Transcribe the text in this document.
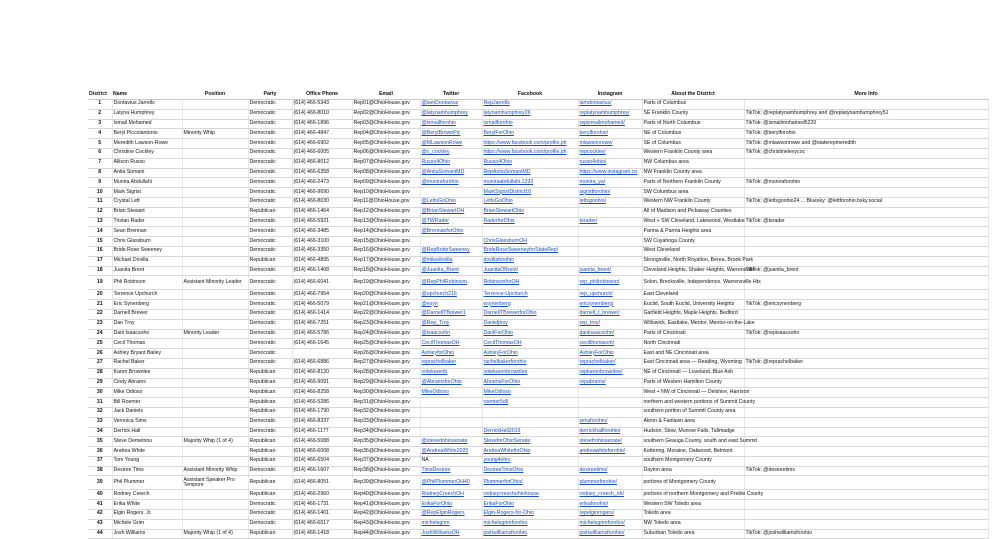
District	Name	Position	Party	Office Phone	Email	Twitter	Facebook	Instagram	About the District	More Info
1	Dontavius Jarrells		Democratic	(614) 466-5343	Rep01@OhioHouse.gov	@iamDontavius	RepJarrells	iamdontavius/	Parts of Columbus	
2	Latyna Humphrey		Democratic	(614) 466-8010	Rep02@OhioHouse.gov	@latynamhumphrey	latynamhumphrey26	replatynamhumphrey/	SE Franklin County	TikTok: @replatynamhumphrey and @replatynamhumphrey51
3	Ismail Mohamed		Democratic	(614) 466-1896	Rep03@OhioHouse.gov	@ismailforohio	ismailforohio	repismailmohamed/	Parts of North Columbus	TikTok: @ismailmohamed5220
4	Beryl Piccolantonio	Minority Whip	Democratic	(614) 466-4847	Rep04@OhioHouse.gov	@BerylBrownPic	BerylForOhio	berylforohio/	NE of Columbus	TikTok: @berylforohio
5	Meredith Lawson-Rowe		Democratic	(614) 466-6902	Rep05@OhioHouse.gov	@MLawsonRowe	https://www.facebook.com/profile.ph	mlawsonrowe/	SE of Columbus	TikTok: @mlawsonrowe and @staterepmeredith
6	Christine Cockley		Democratic	(614) 466-6005	Rep06@OhioHouse.gov	@c_cockley	https://www.facebook.com/profile.ph	repcockley/	Western Franklin County area	TikTok: @christinelevycoc
7	Allison Russo		Democratic	(614) 466-8012	Rep07@OhioHouse.gov	Russo4Ohio	Russo4Ohio	russo4ohio/	NW Columbus area	
8	Anita Somani		Democratic	(614) 466-6358	Rep08@OhioHouse.gov	@AnitaSomaniMD	RepAnitaSomaniMD	https://www.instagram.co	NW Franklin County area	
9	Munira Abdullahi		Democratic	(614) 466-2473	Rep09@OhioHouse.gov	@muniraforohio	muniraabdullahi.1293	munira_ya/	Parts of Northern Franklin County	TikTok: @muniraforohio
10	Mark Sigrist		Democratic	(614) 466-9690	Rep10@OhioHouse.gov		MarkSigristDistrict10	sigristforohio/	SW Columbus area	
11	Crystal Lett		Democratic	(614) 466-8030	Rep11@OhioHouse.gov	@LettsGoOhio	LettsGoOhio	lettsgoohio/	Western NW Franklin County	TikTok: @lettsgoohio24 ... Bluesky: @lettforohio.bsky.social
12	Brian Stewart		Republican	(614) 466-1464	Rep12@OhioHouse.gov	@BrianStewartOH	BrianStewartOhio		All of Madison and Pickaway Counties	
13	Tristan Rader		Democratic	(614) 466-5921	Rep13@OhioHouse.gov	@TWRader	RaderforOhio	terader/	West + SW Cleveland, Lakewood, Westlake	TikTok: @terader
14	Sean Brennan		Democratic	(614) 466-3485	Rep14@OhioHouse.gov	@BrennanforOhio			Parma & Parma Heights area	
15	Chris Glassburn		Democratic	(614) 466-3100	Rep15@OhioHouse.gov		ChrisGlassburnOH		SW Cuyahoga County	
16	Bride Rose Sweeney		Democratic	(614) 466-3350	Rep16@OhioHouse.gov	@RepBrideSweeney	BrideRoseSweeneyforStateRep/		West Cleveland	
17	Michael Dovilla		Republican	(614) 466-4895	Rep17@OhioHouse.gov	@mikedovilla	dovillaforohio		Strongsville, North Royalton, Berea, Brook Park	
18	Juanita Brent		Democratic	(614) 466-1408	Rep18@OhioHouse.gov	@Juanita_Brent	JuanitaOBrent/	juanita_brent/	Cleveland Heights, Shaker Heights, Warrensville	TikTok: @juanita_brent
19	Phil Robinson	Assistant Minority Leader	Democratic	(614) 466-6041	Rep19@OhioHouse.gov	@RepPhilRobinson	RobinsonforOH	rep_philrobinson/	Solon, Brecksville, Independence, Warrensville Hts	
20	Terrence Upchurch		Democratic	(614) 466-7954	Rep20@OhioHouse.gov	@upchurch216	Terrence-Upchurch	rep_upchurch/	East Cleveland	
21	Eric Synenberg		Democratic	(614) 466-5079	Rep21@OhioHouse.gov	@esyn	esynenberg	ericsynenberg/	Euclid, South Euclid, University Heights	TikTok: @ericsynenberg
22	Darnell Brewer		Democratic	(614) 466-1414	Rep22@OhioHouse.gov	@DarnellTBrewer1	DarnellTBrewerforOhio	darnell_t_brewer/	Garfield Heights, Maple Heights, Bedford	
23	Dan Troy		Democratic	(614) 466-7251	Rep23@OhioHouse.gov	@Rep_Troy	Danieljtroy	rep_troy/	Willowick, Eastlake, Mentor, Mentor-on-the-Lake	
24	Dani Isaacsohn	Minority Leader	Democratic	(614) 466-5786	Rep24@OhioHouse.gov	@isaacsohn	DaniForOhio	daniisaacsohn/	Parts of Cincinnati	TikTok: @repisaacsohn
25	Cecil Thomas		Democratic	(614) 466-1645	Rep25@OhioHouse.gov	CecilThomasOH	CecilThomasOH	cecilthomasoh/	North Cincinnati	
26	Ashley Bryant Bailey		Democratic		Rep26@OhioHouse.gov	AshleyforOhio	AshleyForOhio	AshleyForOhio	East and NE Cincinnati area	
27	Rachel Baker		Democratic	(614) 466-6886	Rep27@OhioHouse.gov	reprachelbaker	rachelbakerforohio	reprachelbaker/	East Cincinnati area — Reading, Wyoming	TikTok: @reprachelbaker
28	Karen Brownlee		Republican	(614) 466-8120	Rep28@OhioHouse.gov	votekarenb	votekarenbrownlee	repkarenbrownlee/	NE of Cincinnati — Loveland, Blue Ash	
29	Cindy Abrams		Republican	(614) 466-9091	Rep29@OhioHouse.gov	@AbramsforOhio	AbramsForOhio	repabrams/	Parts of Western Hamilton County	
30	Mike Odioso		Republican	(614) 466-8258	Rep30@OhioHouse.gov	MikeOdioso	MikeOdioso		West + NW of Cincinnati — Delshire, Harrison	
31	Bill Roemer		Republican	(614) 466-5286	Rep31@OhioHouse.gov		roemer5dl/		northern and western portions of Summit County	
32	Jack Daniels		Republican	(614) 466-1790	Rep32@OhioHouse.gov				southern portion of Summit County area	
33	Veronica Sims		Democratic	(614) 466-8337	Rep33@OhioHouse.gov			simsforohio/	Akron & Fairlawn area	
34	Derrick Hall		Democratic	(614) 466-1177	Rep34@OhioHouse.gov		DerrickHall2019	derrickhallforohio/	Hudson, Stow, Munroe Falls, Tallmadge	
35	Steve Demetriou	Majority Whip (1 of 4)	Republican	(614) 466-5088	Rep35@OhioHouse.gov	@stevedohiosenate	SteveforOhioSenate	stevefrohiosenate/	southern Geauga County, south and east Summit	
36	Andrea White		Republican	(614) 466-6008	Rep36@OhioHouse.gov	@AndreaWhite2020	AndreaWhiteforOhio	andreawhiteforohio/	Kettering, Moraine, Oakwood, Belmont	
37	Tom Young		Republican	(614) 466-6504	Rep37@OhioHouse.gov	NA	young4ohio		southern Montgomery County	
38	Desiree Tims	Assistant Minority Whip	Democratic	(614) 466-1607	Rep38@OhioHouse.gov	TimsDesiree	DesireeTimsOhio	desireetims/	Dayton area	TikTok: @desireetims
39	Phil Plummer	Assistant Speaker Pro Tempore	Republican	(614) 466-8051	Rep39@OhioHouse.gov	@PhilPlummerOH40	PlummerforOhio/	plummerforohio/	portions of Montgomery County	
40	Rodney Creech		Republican	(614) 466-2960	Rep40@OhioHouse.gov	RodneyCreechOH	rodneycreechohiohouse	rodney_creech_oh/	portions of northern Montgomery and Preble County	
41	Erika White		Democratic	(614) 466-1731	Rep41@OhioHouse.gov	ErikaForOhio	ErikaForOhio	erikaforohio/	Western SW Toledo area	
42	Elgin Rogers, Jr.		Democratic	(614) 466-1401	Rep42@OhioHouse.gov	@RepElginRogers	Elgin-Rogers-for-Ohio	repelginrogers/	Toledo area	
43	Michele Grim		Democratic	(614) 466-6017	Rep43@OhioHouse.gov	michelegrim	michelegrimforohio	michelegrimforohio/	NW Toledo area	
44	Josh Williams	Majority Whip (1 of 4)	Republican	(614) 466-1418	Rep44@OhioHouse.gov	JoshWilliamsOH	joshwilliamsforohio	joshwilliamsforohio/	Suburban Toledo area	TikTok: @joshwilliamsforohio
